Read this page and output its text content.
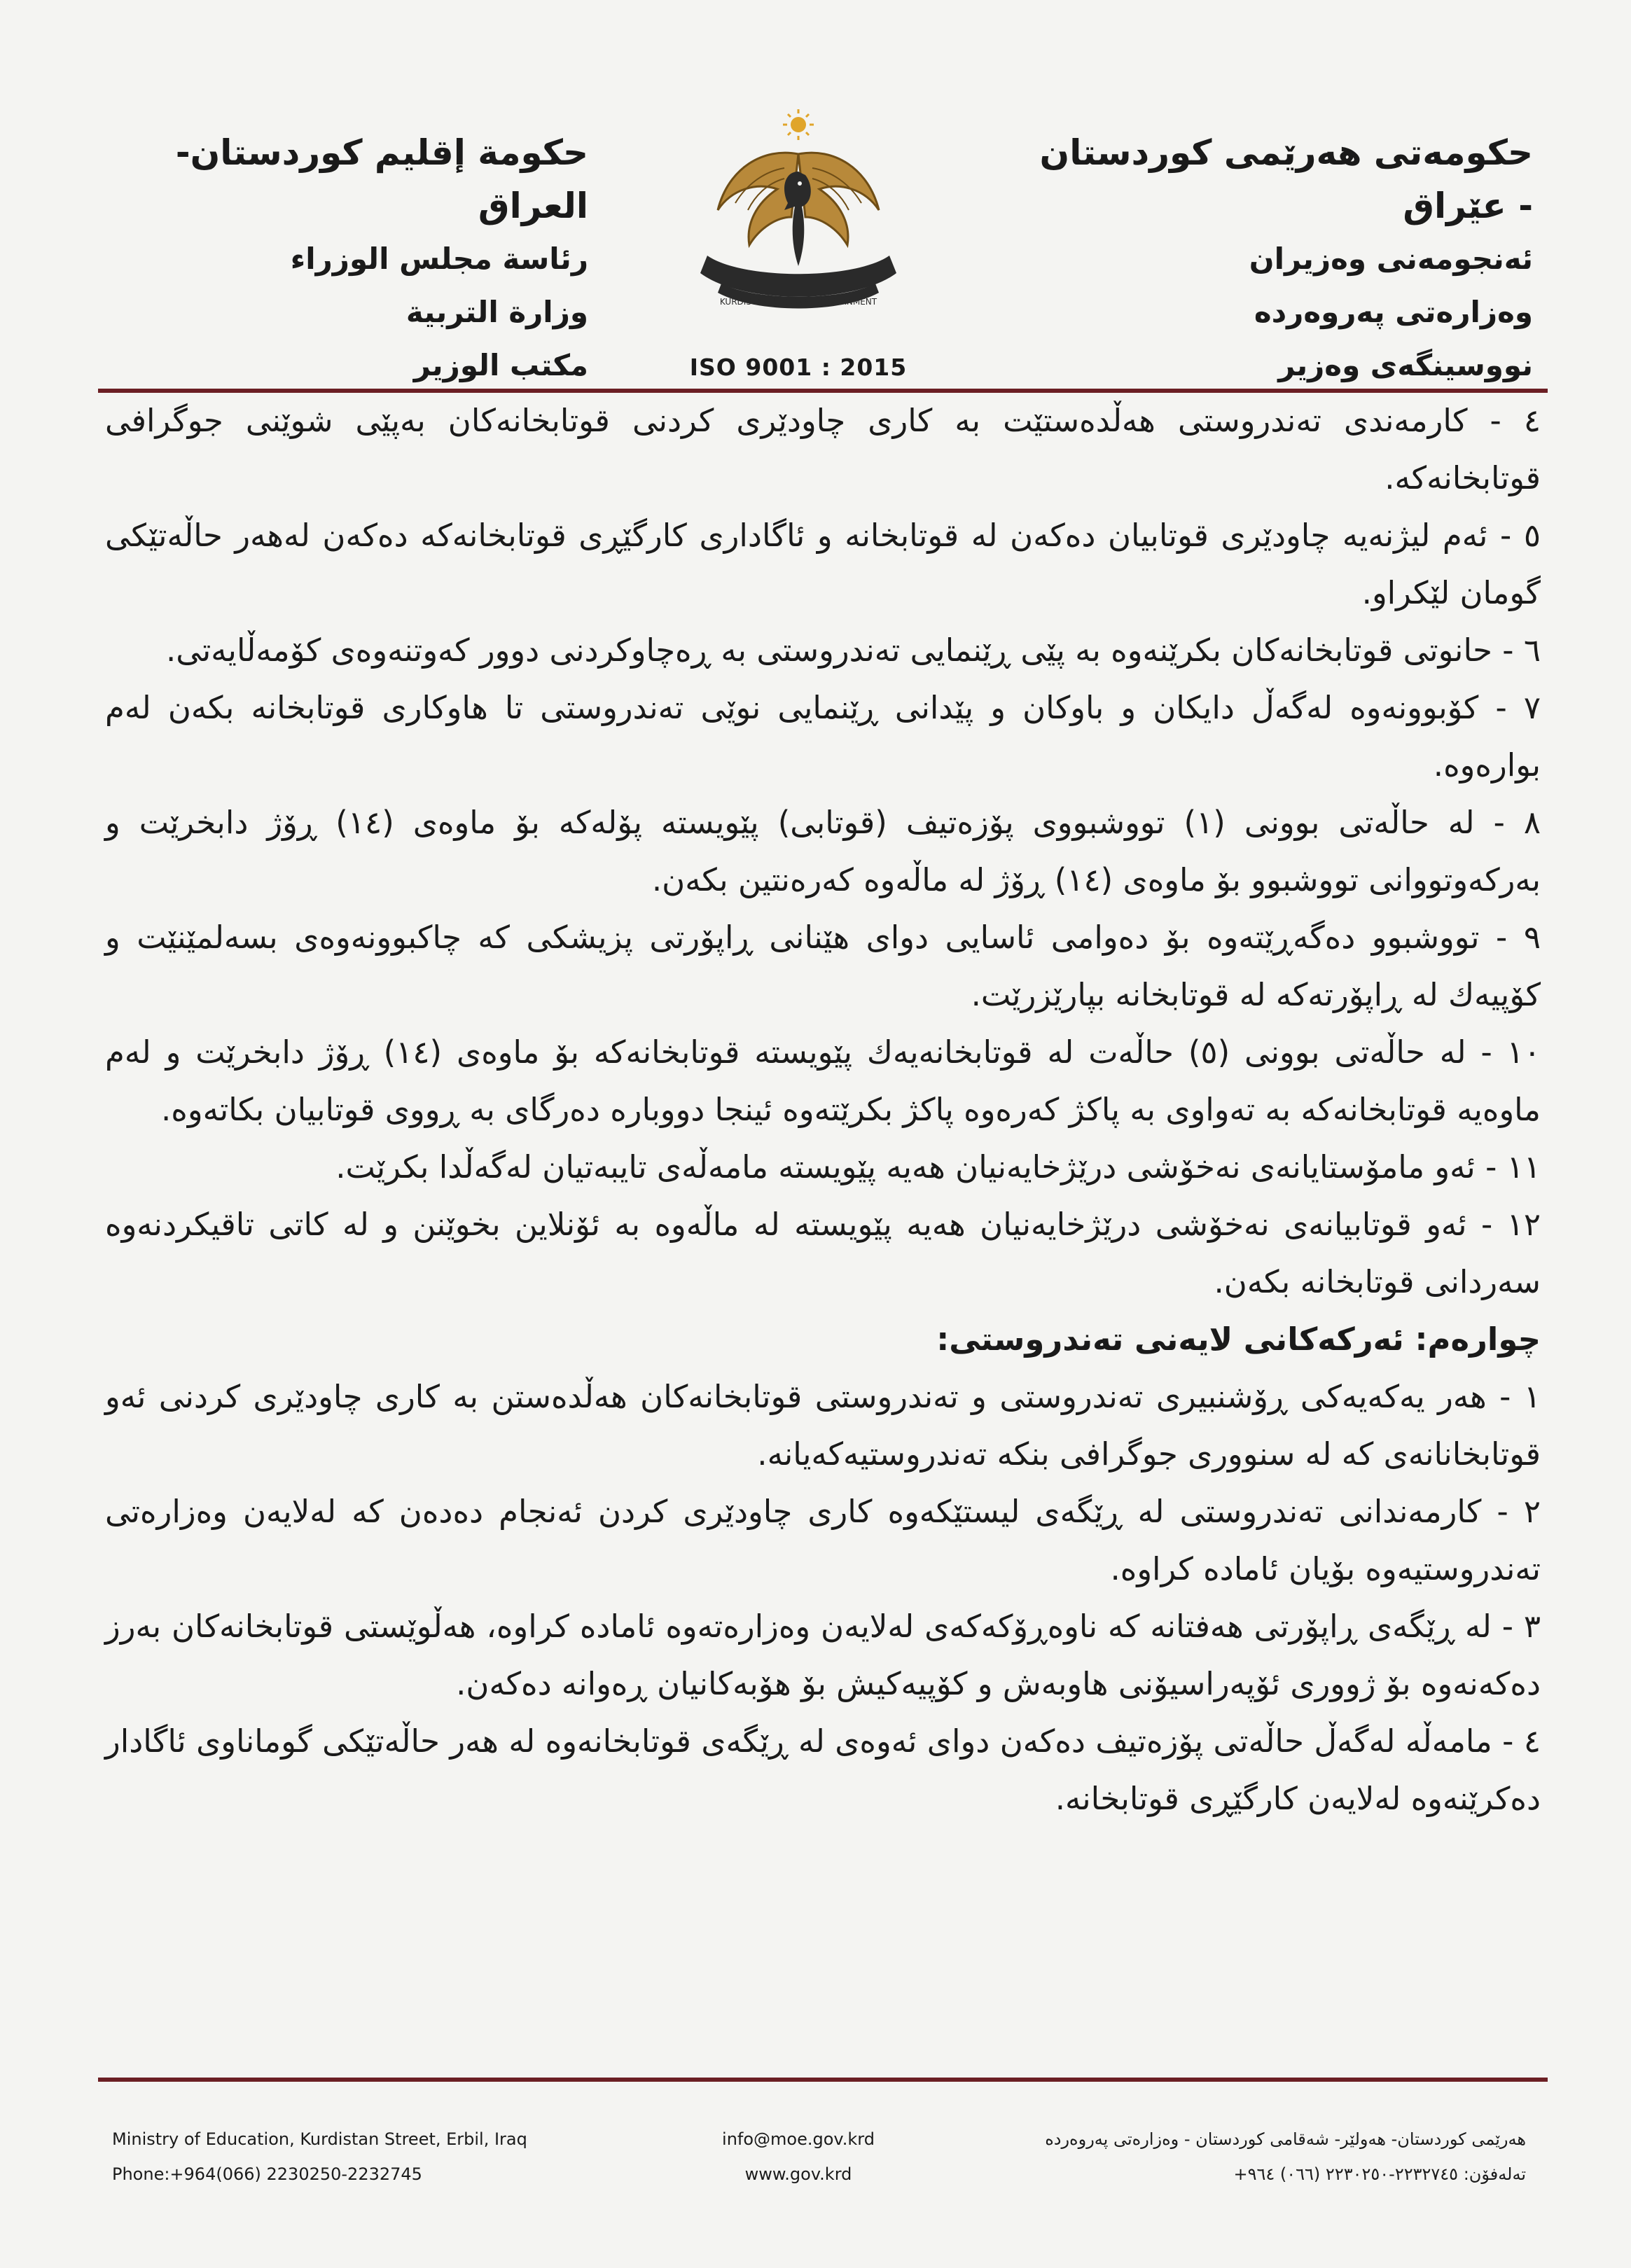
حکومەتی هەرێمی کوردستان - عێراق

ئەنجومەنی وەزیران

وەزارەتی پەروەردە

نووسینگەی وەزیر

حكومة إقليم كوردستان- العراق

رئاسة مجلس الوزراء

وزارة التربية

مكتب الوزير

KURDISTAN REGIONAL GOVERNMENT
ISO 9001 : 2015

٤ - کارمەندی تەندروستی هەڵدەستێت بە کاری چاودێری کردنی قوتابخانەکان بەپێی شوێنی جوگرافی قوتابخانەکە.

٥ - ئەم لیژنەیە چاودێری قوتابیان دەکەن لە قوتابخانە و ئاگاداری کارگێڕی قوتابخانەکە دەکەن لەهەر حاڵەتێکی گومان لێکراو.

٦ - حانوتی قوتابخانەکان بکرێنەوە بە پێی ڕێنمایی تەندروستی بە ڕەچاوکردنی دوور کەوتنەوەی کۆمەڵایەتی.

٧ - کۆبوونەوە لەگەڵ دایکان و باوکان و پێدانی ڕێنمایی نوێی تەندروستی تا هاوکاری قوتابخانە بکەن لەم بوارەوە.

٨ - لە حاڵەتی بوونی (١) تووشبووی پۆزەتیف (قوتابی) پێویستە پۆلەکە بۆ ماوەی (١٤) ڕۆژ دابخرێت و بەرکەوتووانی تووشبوو بۆ ماوەی (١٤) ڕۆژ لە ماڵەوە کەرەنتین بکەن.

٩ - تووشبوو دەگەڕێتەوە بۆ دەوامی ئاسایی دوای هێنانی ڕاپۆرتی پزیشکی کە چاکبوونەوەی بسەلمێنێت و کۆپیەك لە ڕاپۆرتەکە لە قوتابخانە بپارێزرێت.

١٠ - لە حاڵەتی بوونی (٥) حاڵەت لە قوتابخانەیەك پێویستە قوتابخانەکە بۆ ماوەی (١٤) ڕۆژ دابخرێت و لەم ماوەیە قوتابخانەکە بە تەواوی بە پاکژ کەرەوە پاکژ بکرێتەوە ئینجا دووبارە دەرگای بە ڕووی قوتابیان بکاتەوە.

١١ - ئەو مامۆستایانەی نەخۆشی درێژخایەنیان هەیە پێویستە مامەڵەی تایبەتیان لەگەڵدا بکرێت.

١٢ - ئەو قوتابیانەی نەخۆشی درێژخایەنیان هەیە پێویستە لە ماڵەوە بە ئۆنلاین بخوێنن و لە کاتی تاقیکردنەوە سەردانی قوتابخانە بکەن.

چوارەم: ئەرکەکانی لایەنی تەندروستی:

١ - هەر یەکەیەکی ڕۆشنبیری تەندروستی و تەندروستی قوتابخانەکان هەڵدەستن بە کاری چاودێری کردنی ئەو قوتابخانانەی کە لە سنووری جوگرافی بنکە تەندروستیەکەیانە.

٢ - کارمەندانی تەندروستی لە ڕێگەی لیستێکەوە کاری چاودێری کردن ئەنجام دەدەن کە لەلایەن وەزارەتی تەندروستیەوە بۆیان ئامادە کراوە.

٣ - لە ڕێگەی ڕاپۆرتی هەفتانە کە ناوەڕۆکەکەی لەلایەن وەزارەتەوە ئامادە کراوە، هەڵوێستی قوتابخانەکان بەرز دەکەنەوە بۆ ژووری ئۆپەراسیۆنی هاوبەش و کۆپیەکیش بۆ هۆبەکانیان ڕەوانە دەکەن.

٤ - مامەڵە لەگەڵ حاڵەتی پۆزەتیف دەکەن دوای ئەوەی لە ڕێگەی قوتابخانەوە لە هەر حاڵەتێکی گوماناوی ئاگادار دەکرێنەوە لەلایەن کارگێڕی قوتابخانە.

Ministry of Education, Kurdistan Street, Erbil, Iraq

Phone:+964(066) 2230250-2232745

info@moe.gov.krd

www.gov.krd

هەرێمی کوردستان- هەولێر- شەقامی کوردستان - وەزارەتی پەروەردە

تەلەفۆن: ٢٢٣٢٧٤٥-٢٢٣٠٢٥٠ (٠٦٦) ٩٦٤+
